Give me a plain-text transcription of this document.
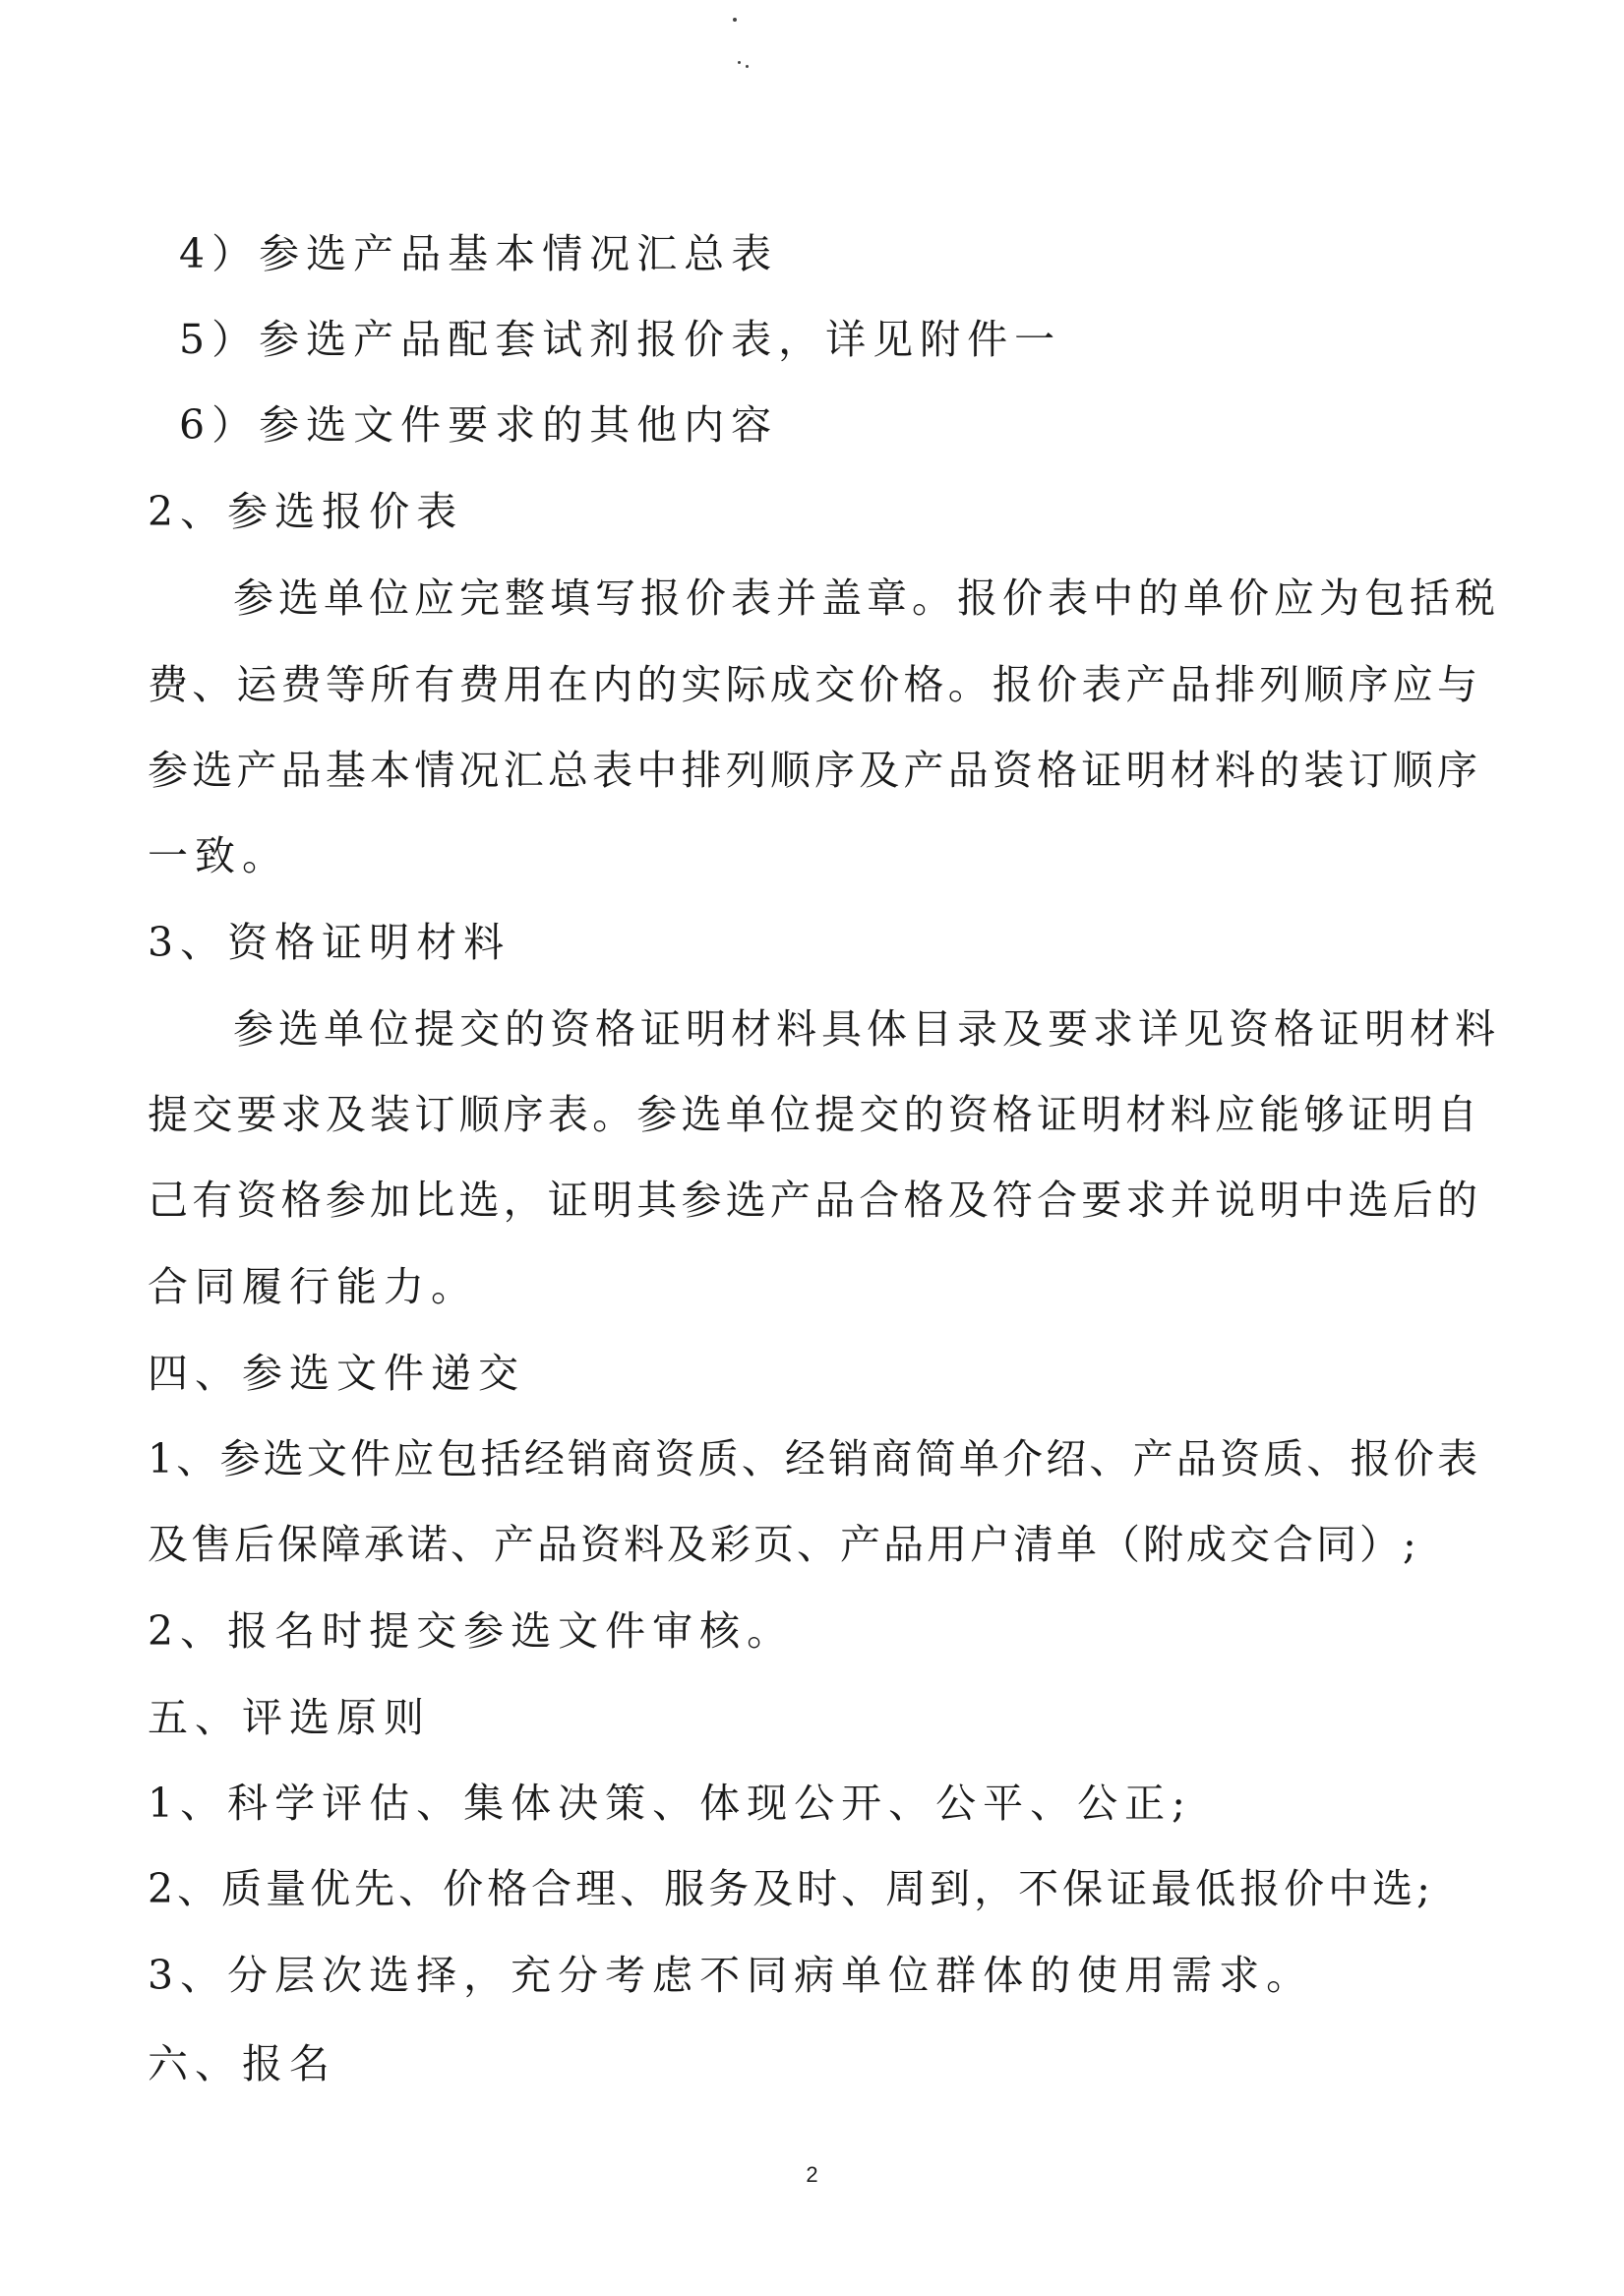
4）参选产品基本情况汇总表
5）参选产品配套试剂报价表，详见附件一
6）参选文件要求的其他内容
2、参选报价表
参选单位应完整填写报价表并盖章。报价表中的单价应为包括税
费、运费等所有费用在内的实际成交价格。报价表产品排列顺序应与
参选产品基本情况汇总表中排列顺序及产品资格证明材料的装订顺序
一致。
3、资格证明材料
参选单位提交的资格证明材料具体目录及要求详见资格证明材料
提交要求及装订顺序表。参选单位提交的资格证明材料应能够证明自
己有资格参加比选，证明其参选产品合格及符合要求并说明中选后的
合同履行能力。
四、参选文件递交
1、参选文件应包括经销商资质、经销商简单介绍、产品资质、报价表
及售后保障承诺、产品资料及彩页、产品用户清单（附成交合同）;
2、报名时提交参选文件审核。
五、评选原则
1、科学评估、集体决策、体现公开、公平、公正;
2、质量优先、价格合理、服务及时、周到，不保证最低报价中选;
3、分层次选择，充分考虑不同病单位群体的使用需求。
六、报名
2
